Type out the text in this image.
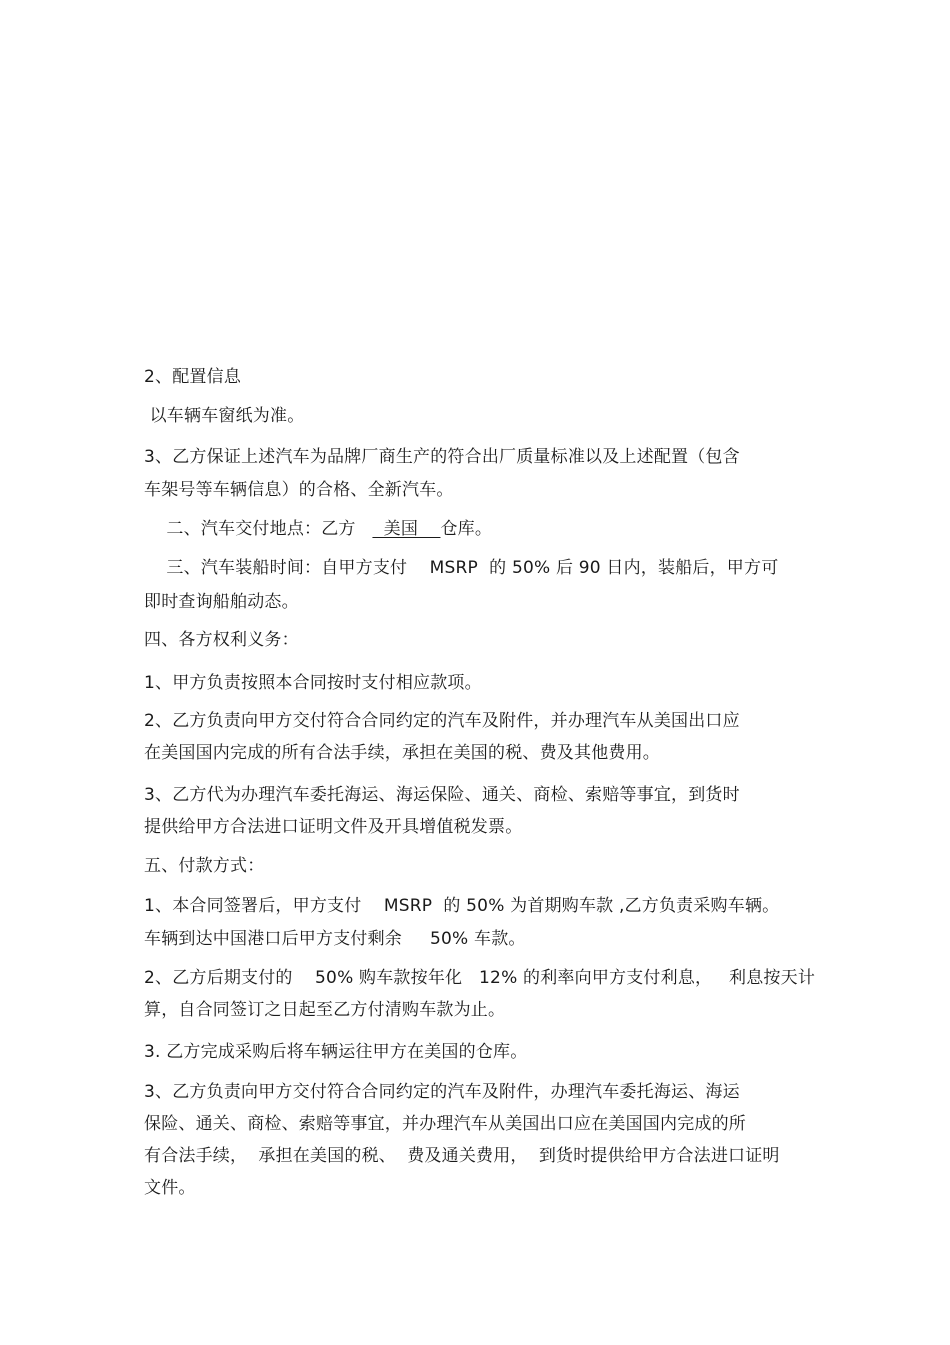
2、配置信息
以车辆车窗纸为准。
3、乙方保证上述汽车为品牌厂商生产的符合出厂质量标准以及上述配置（包含
车架号等车辆信息）的合格、全新汽车。
二、汽车交付地点：乙方     美国    仓库。
三、汽车装船时间：自甲方支付    MSRP  的 50% 后 90 日内，装船后，甲方可
即时查询船舶动态。
四、各方权利义务：
1、甲方负责按照本合同按时支付相应款项。
2、乙方负责向甲方交付符合合同约定的汽车及附件，并办理汽车从美国出口应
在美国国内完成的所有合法手续，承担在美国的税、费及其他费用。
3、乙方代为办理汽车委托海运、海运保险、通关、商检、索赔等事宜，到货时
提供给甲方合法进口证明文件及开具增值税发票。
五、付款方式：
1、本合同签署后，甲方支付    MSRP  的 50% 为首期购车款 ,乙方负责采购车辆。
车辆到达中国港口后甲方支付剩余     50% 车款。
2、乙方后期支付的    50% 购车款按年化   12% 的利率向甲方支付利息，   利息按天计
算，自合同签订之日起至乙方付清购车款为止。
3. 乙方完成采购后将车辆运往甲方在美国的仓库。
3、乙方负责向甲方交付符合合同约定的汽车及附件，办理汽车委托海运、海运
保险、通关、商检、索赔等事宜，并办理汽车从美国出口应在美国国内完成的所
有合法手续，  承担在美国的税、  费及通关费用，  到货时提供给甲方合法进口证明
文件。
